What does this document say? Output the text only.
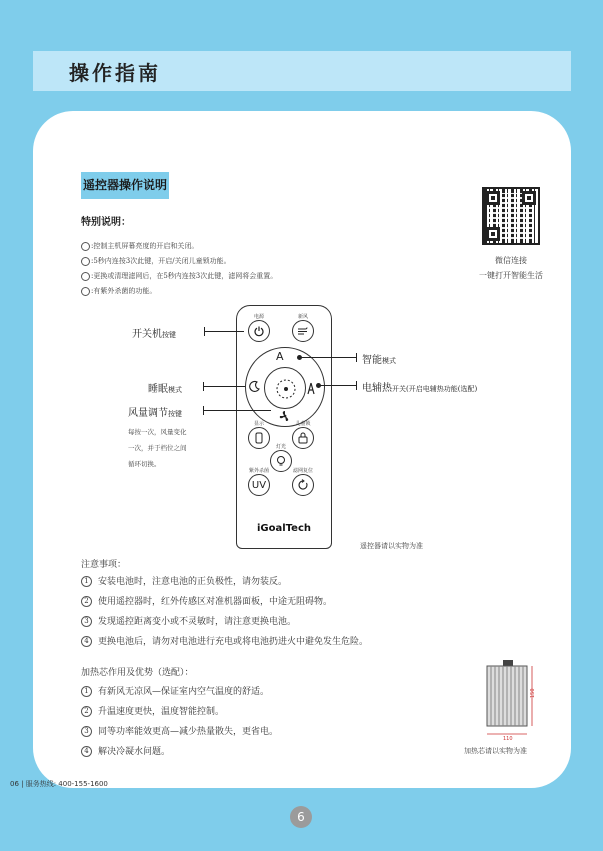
操作指南
遥控器操作说明
特别说明：
:控制主机屏幕亮度的开启和关闭。
:5秒内连按3次此键，开启/关闭儿童锁功能。
:更换或清理滤网后，在5秒内连按3次此键，滤网将会重置。
:有紫外杀菌的功能。
微信连接
一键打开智能生活
电源	新风
A
显示	儿童锁
灯光
紫外杀菌
UV
滤网复位
iGoalTech
开关机按键
睡眠模式
风量调节按键
每按一次，风量变化
一次，并于档位之间
循环切换。
智能模式
电辅热开关(开启电辅热功能(选配)
遥控器请以实物为准
注意事项：
1 安装电池时，注意电池的正负极性，请勿装反。
2 使用遥控器时，红外传感区对准机器面板，中途无阻碍物。
3 发现遥控距离变小或不灵敏时，请注意更换电池。
4 更换电池后，请勿对电池进行充电或将电池扔进火中避免发生危险。
加热芯作用及优势（选配）：
1 有新风无凉风—保证室内空气温度的舒适。
2 升温速度更快，温度智能控制。
3 同等功率能效更高—减少热量散失，更省电。
4 解决冷凝水问题。
150
110
加热芯请以实物为准
06 | 服务热线: 400-155-1600
6
